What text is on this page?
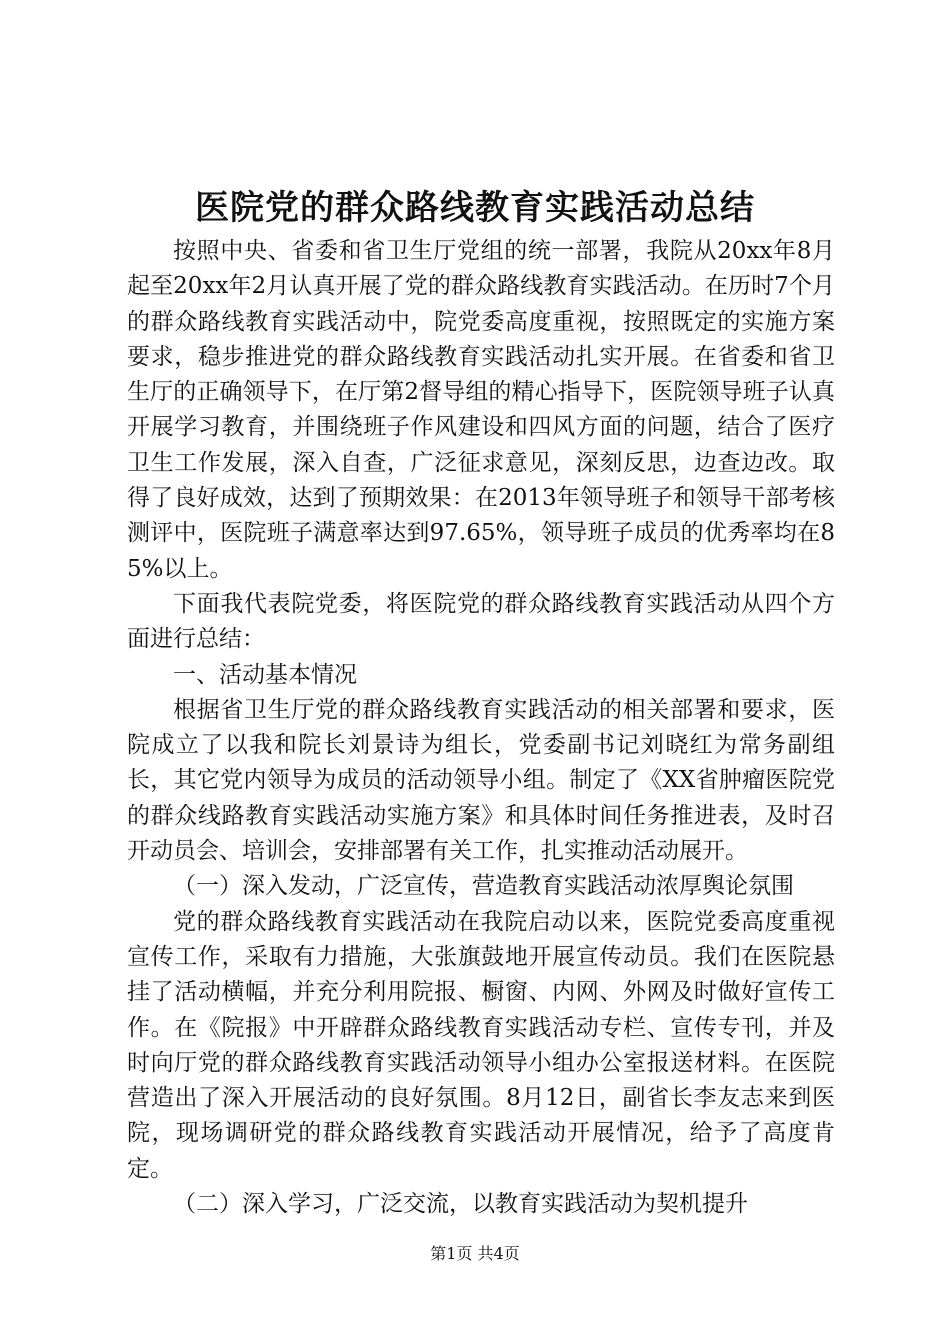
医院党的群众路线教育实践活动总结

按照中央、省委和省卫生厅党组的统一部署，我院从20xx年8月起至20xx年2月认真开展了党的群众路线教育实践活动。在历时7个月的群众路线教育实践活动中，院党委高度重视，按照既定的实施方案要求，稳步推进党的群众路线教育实践活动扎实开展。在省委和省卫生厅的正确领导下，在厅第2督导组的精心指导下，医院领导班子认真开展学习教育，并围绕班子作风建设和四风方面的问题，结合了医疗卫生工作发展，深入自查，广泛征求意见，深刻反思，边查边改。取得了良好成效，达到了预期效果：在2013年领导班子和领导干部考核测评中，医院班子满意率达到97.65%，领导班子成员的优秀率均在85%以上。

下面我代表院党委，将医院党的群众路线教育实践活动从四个方面进行总结：

一、活动基本情况

根据省卫生厅党的群众路线教育实践活动的相关部署和要求，医院成立了以我和院长刘景诗为组长，党委副书记刘晓红为常务副组长，其它党内领导为成员的活动领导小组。制定了《XX省肿瘤医院党的群众线路教育实践活动实施方案》和具体时间任务推进表，及时召开动员会、培训会，安排部署有关工作，扎实推动活动展开。

（一）深入发动，广泛宣传，营造教育实践活动浓厚舆论氛围

党的群众路线教育实践活动在我院启动以来，医院党委高度重视宣传工作，采取有力措施，大张旗鼓地开展宣传动员。我们在医院悬挂了活动横幅，并充分利用院报、橱窗、内网、外网及时做好宣传工作。在《院报》中开辟群众路线教育实践活动专栏、宣传专刊，并及时向厅党的群众路线教育实践活动领导小组办公室报送材料。在医院营造出了深入开展活动的良好氛围。8月12日，副省长李友志来到医院，现场调研党的群众路线教育实践活动开展情况，给予了高度肯定。

（二）深入学习，广泛交流，以教育实践活动为契机提升

第1页 共4页
